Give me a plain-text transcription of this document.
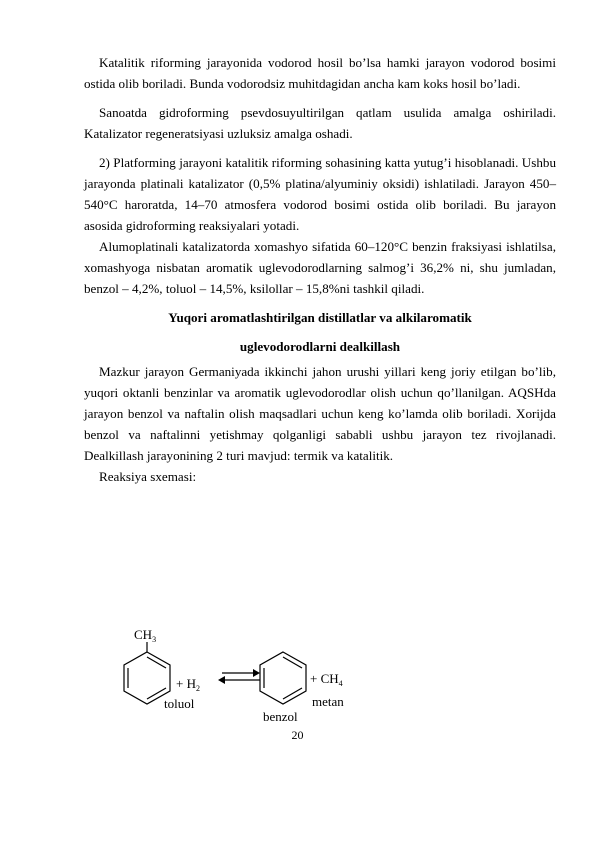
Katalitik riforming jarayonida vodorod hosil bo’lsa hamki jarayon vodorod bosimi ostida olib boriladi. Bunda vodorodsiz muhitdagidan ancha kam koks hosil bo’ladi.

Sanoatda gidroforming psevdosuyultirilgan qatlam usulida amalga oshiriladi. Katalizator regeneratsiyasi uzluksiz amalga oshadi.

2) Platforming jarayoni katalitik riforming sohasining katta yutug’i hisoblanadi. Ushbu jarayonda platinali katalizator (0,5% platina/alyuminiy oksidi) ishlatiladi. Jarayon 450–540°C haroratda, 14–70 atmosfera vodorod bosimi ostida olib boriladi. Bu jarayon asosida gidroforming reaksiyalari yotadi.

Alumoplatinali katalizatorda xomashyo sifatida 60–120°C benzin fraksiyasi ishlatilsa, xomashyoga nisbatan aromatik uglevodorodlarning salmog’i 36,2% ni, shu jumladan, benzol – 4,2%, toluol – 14,5%, ksilollar – 15,8%ni tashkil qiladi.

Yuqori aromatlashtirilgan distillatlar va alkilaromatik
uglevodorodlarni dealkillash

Mazkur jarayon Germaniyada ikkinchi jahon urushi yillari keng joriy etilgan bo’lib, yuqori oktanli benzinlar va aromatik uglevodorodlar olish uchun qo’llanilgan. AQSHda jarayon benzol va naftalin olish maqsadlari uchun keng ko’lamda olib boriladi. Xorijda benzol va naftalinni yetishmay qolganligi sababli ushbu jarayon tez rivojlanadi. Dealkillash jarayonining 2 turi mavjud: termik va katalitik.

Reaksiya sxemasi:

$CH_3$
+ $H_2$
toluol
benzol
+ $CH_4$
metan
20
